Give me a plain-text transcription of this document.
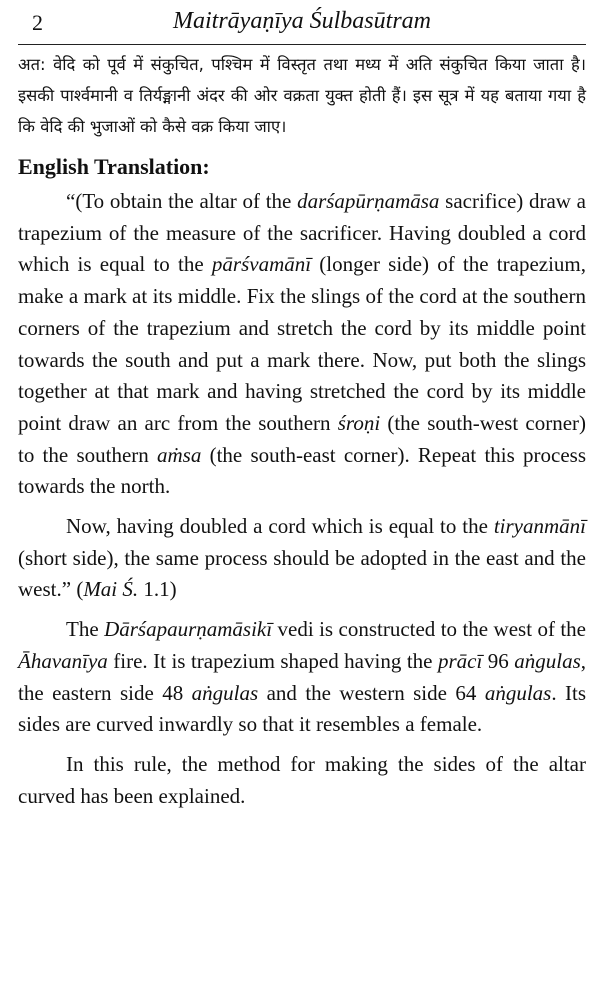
2	Maitrāyaṇīya Śulbasūtram

अत: वेदि को पूर्व में संकुचित, पश्चिम में विस्तृत तथा मध्य में अति संकुचित किया जाता है। इसकी पार्श्वमानी व तिर्यङ्मानी अंदर की ओर वक्रता युक्त होती हैं। इस सूत्र में यह बताया गया है कि वेदि की भुजाओं को कैसे वक्र किया जाए।

English Translation:

“(To obtain the altar of the darśapūrṇamāsa sacrifice) draw a trapezium of the measure of the sacrificer. Having doubled a cord which is equal to the pārśvamānī (longer side) of the trapezium, make a mark at its middle. Fix the slings of the cord at the southern corners of the trapezium and stretch the cord by its middle point towards the south and put a mark there. Now, put both the slings together at that mark and having stretched the cord by its middle point draw an arc from the southern śroṇi (the south-west corner) to the southern aṁsa (the south-east corner). Repeat this process towards the north.

Now, having doubled a cord which is equal to the tiryanmānī (short side), the same process should be adopted in the east and the west.” (Mai Ś. 1.1)

The Dārśapaurṇamāsikī vedi is constructed to the west of the Āhavanīya fire. It is trapezium shaped having the prācī 96 aṅgulas, the eastern side 48 aṅgulas and the western side 64 aṅgulas. Its sides are curved inwardly so that it resembles a female.

In this rule, the method for making the sides of the altar curved has been explained.
